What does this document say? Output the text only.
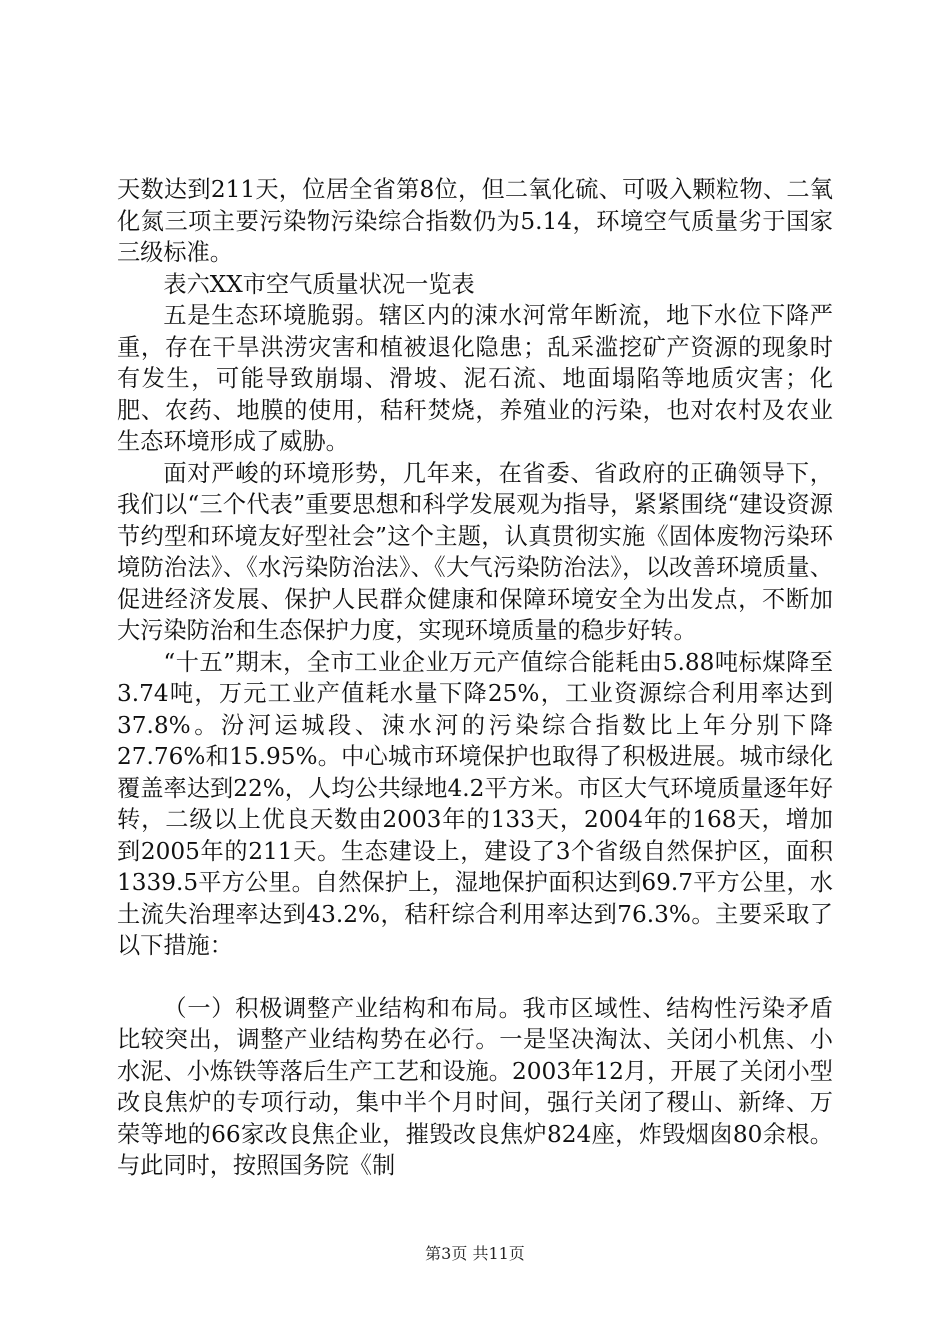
天数达到211天，位居全省第8位，但二氧化硫、可吸入颗粒物、二氧化氮三项主要污染物污染综合指数仍为5.14，环境空气质量劣于国家三级标准。

表六XX市空气质量状况一览表

五是生态环境脆弱。辖区内的涑水河常年断流，地下水位下降严重，存在干旱洪涝灾害和植被退化隐患；乱采滥挖矿产资源的现象时有发生，可能导致崩塌、滑坡、泥石流、地面塌陷等地质灾害；化肥、农药、地膜的使用，秸秆焚烧，养殖业的污染，也对农村及农业生态环境形成了威胁。

面对严峻的环境形势，几年来，在省委、省政府的正确领导下，我们以“三个代表”重要思想和科学发展观为指导，紧紧围绕“建设资源节约型和环境友好型社会”这个主题，认真贯彻实施《固体废物污染环境防治法》、《水污染防治法》、《大气污染防治法》，以改善环境质量、促进经济发展、保护人民群众健康和保障环境安全为出发点，不断加大污染防治和生态保护力度，实现环境质量的稳步好转。

“十五”期末，全市工业企业万元产值综合能耗由5.88吨标煤降至3.74吨，万元工业产值耗水量下降25%，工业资源综合利用率达到37.8%。汾河运城段、涑水河的污染综合指数比上年分别下降27.76%和15.95%。中心城市环境保护也取得了积极进展。城市绿化覆盖率达到22%，人均公共绿地4.2平方米。市区大气环境质量逐年好转，二级以上优良天数由2003年的133天，2004年的168天，增加到2005年的211天。生态建设上，建设了3个省级自然保护区，面积1339.5平方公里。自然保护上，湿地保护面积达到69.7平方公里，水土流失治理率达到43.2%，秸秆综合利用率达到76.3%。主要采取了以下措施：

（一）积极调整产业结构和布局。我市区域性、结构性污染矛盾比较突出，调整产业结构势在必行。一是坚决淘汰、关闭小机焦、小水泥、小炼铁等落后生产工艺和设施。2003年12月，开展了关闭小型改良焦炉的专项行动，集中半个月时间，强行关闭了稷山、新绛、万荣等地的66家改良焦企业，摧毁改良焦炉824座，炸毁烟囱80余根。与此同时，按照国务院《制

第3页 共11页
